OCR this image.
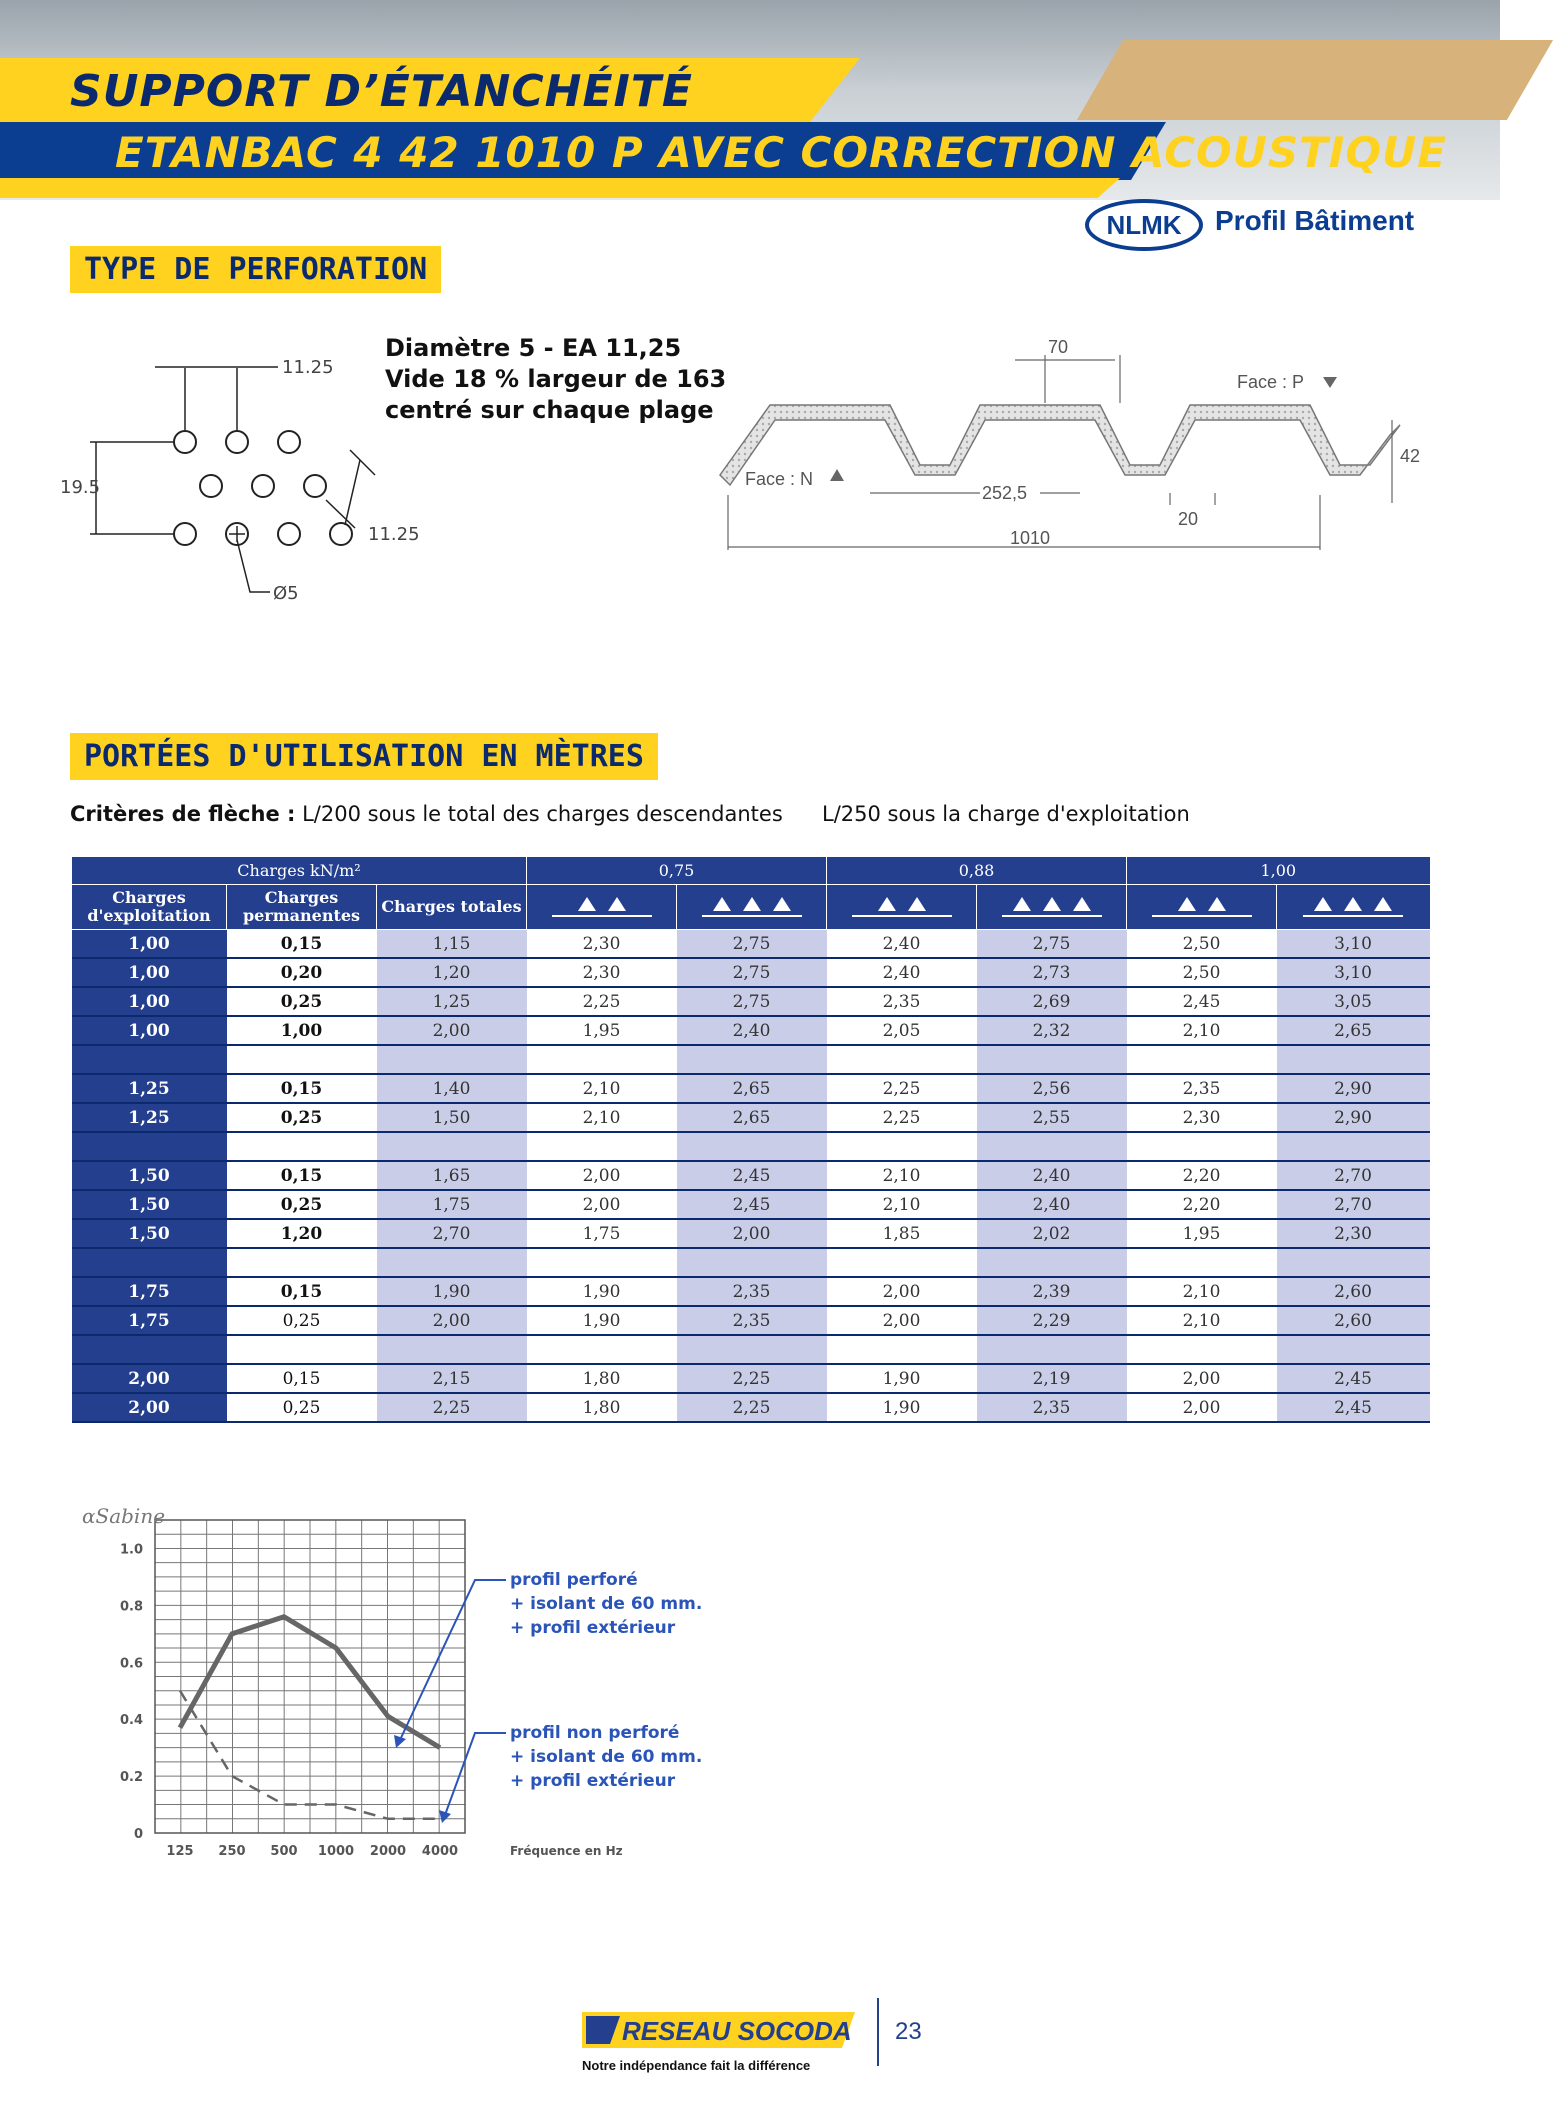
SUPPORT D’ÉTANCHÉITÉ
ETANBAC 4 42 1010 P AVEC CORRECTION ACOUSTIQUE
NLMK	Profil Bâtiment
TYPE DE PERFORATION
11.25
19.5
11.25
Ø5
Diamètre 5 - EA 11,25
Vide 18 % largeur de 163
centré sur chaque plage
70
252,5
1010
20
42
Face : P
Face : N
PORTÉES D'UTILISATION EN MÈTRES
Critères de flèche : L/200 sous le total des charges descendantes L/250 sous la charge d'exploitation
Charges kN/m²			0,75		0,88		1,00	
Charges d'exploitation	Charges permanentes	Charges totales	

1,00	0,15	1,15	2,30	2,75	2,40	2,75	2,50	3,10
1,00	0,20	1,20	2,30	2,75	2,40	2,73	2,50	3,10
1,00	0,25	1,25	2,25	2,75	2,35	2,69	2,45	3,05
1,00	1,00	2,00	1,95	2,40	2,05	2,32	2,10	2,65

1,25	0,15	1,40	2,10	2,65	2,25	2,56	2,35	2,90
1,25	0,25	1,50	2,10	2,65	2,25	2,55	2,30	2,90

1,50	0,15	1,65	2,00	2,45	2,10	2,40	2,20	2,70
1,50	0,25	1,75	2,00	2,45	2,10	2,40	2,20	2,70
1,50	1,20	2,70	1,75	2,00	1,85	2,02	1,95	2,30

1,75	0,15	1,90	1,90	2,35	2,00	2,39	2,10	2,60
1,75	0,25	2,00	1,90	2,35	2,00	2,29	2,10	2,60

2,00	0,15	2,15	1,80	2,25	1,90	2,19	2,00	2,45
2,00	0,25	2,25	1,80	2,25	1,90	2,35	2,00	2,45
0
0.2
0.4
0.6
0.8
1.0
125 250 500 1000 2000 4000
αSabine
Fréquence en Hz
profil perforé
+ isolant de 60 mm.
+ profil extérieur
profil non perforé
+ isolant de 60 mm.
+ profil extérieur
RESEAU SOCODA
Notre indépendance fait la différence
23
